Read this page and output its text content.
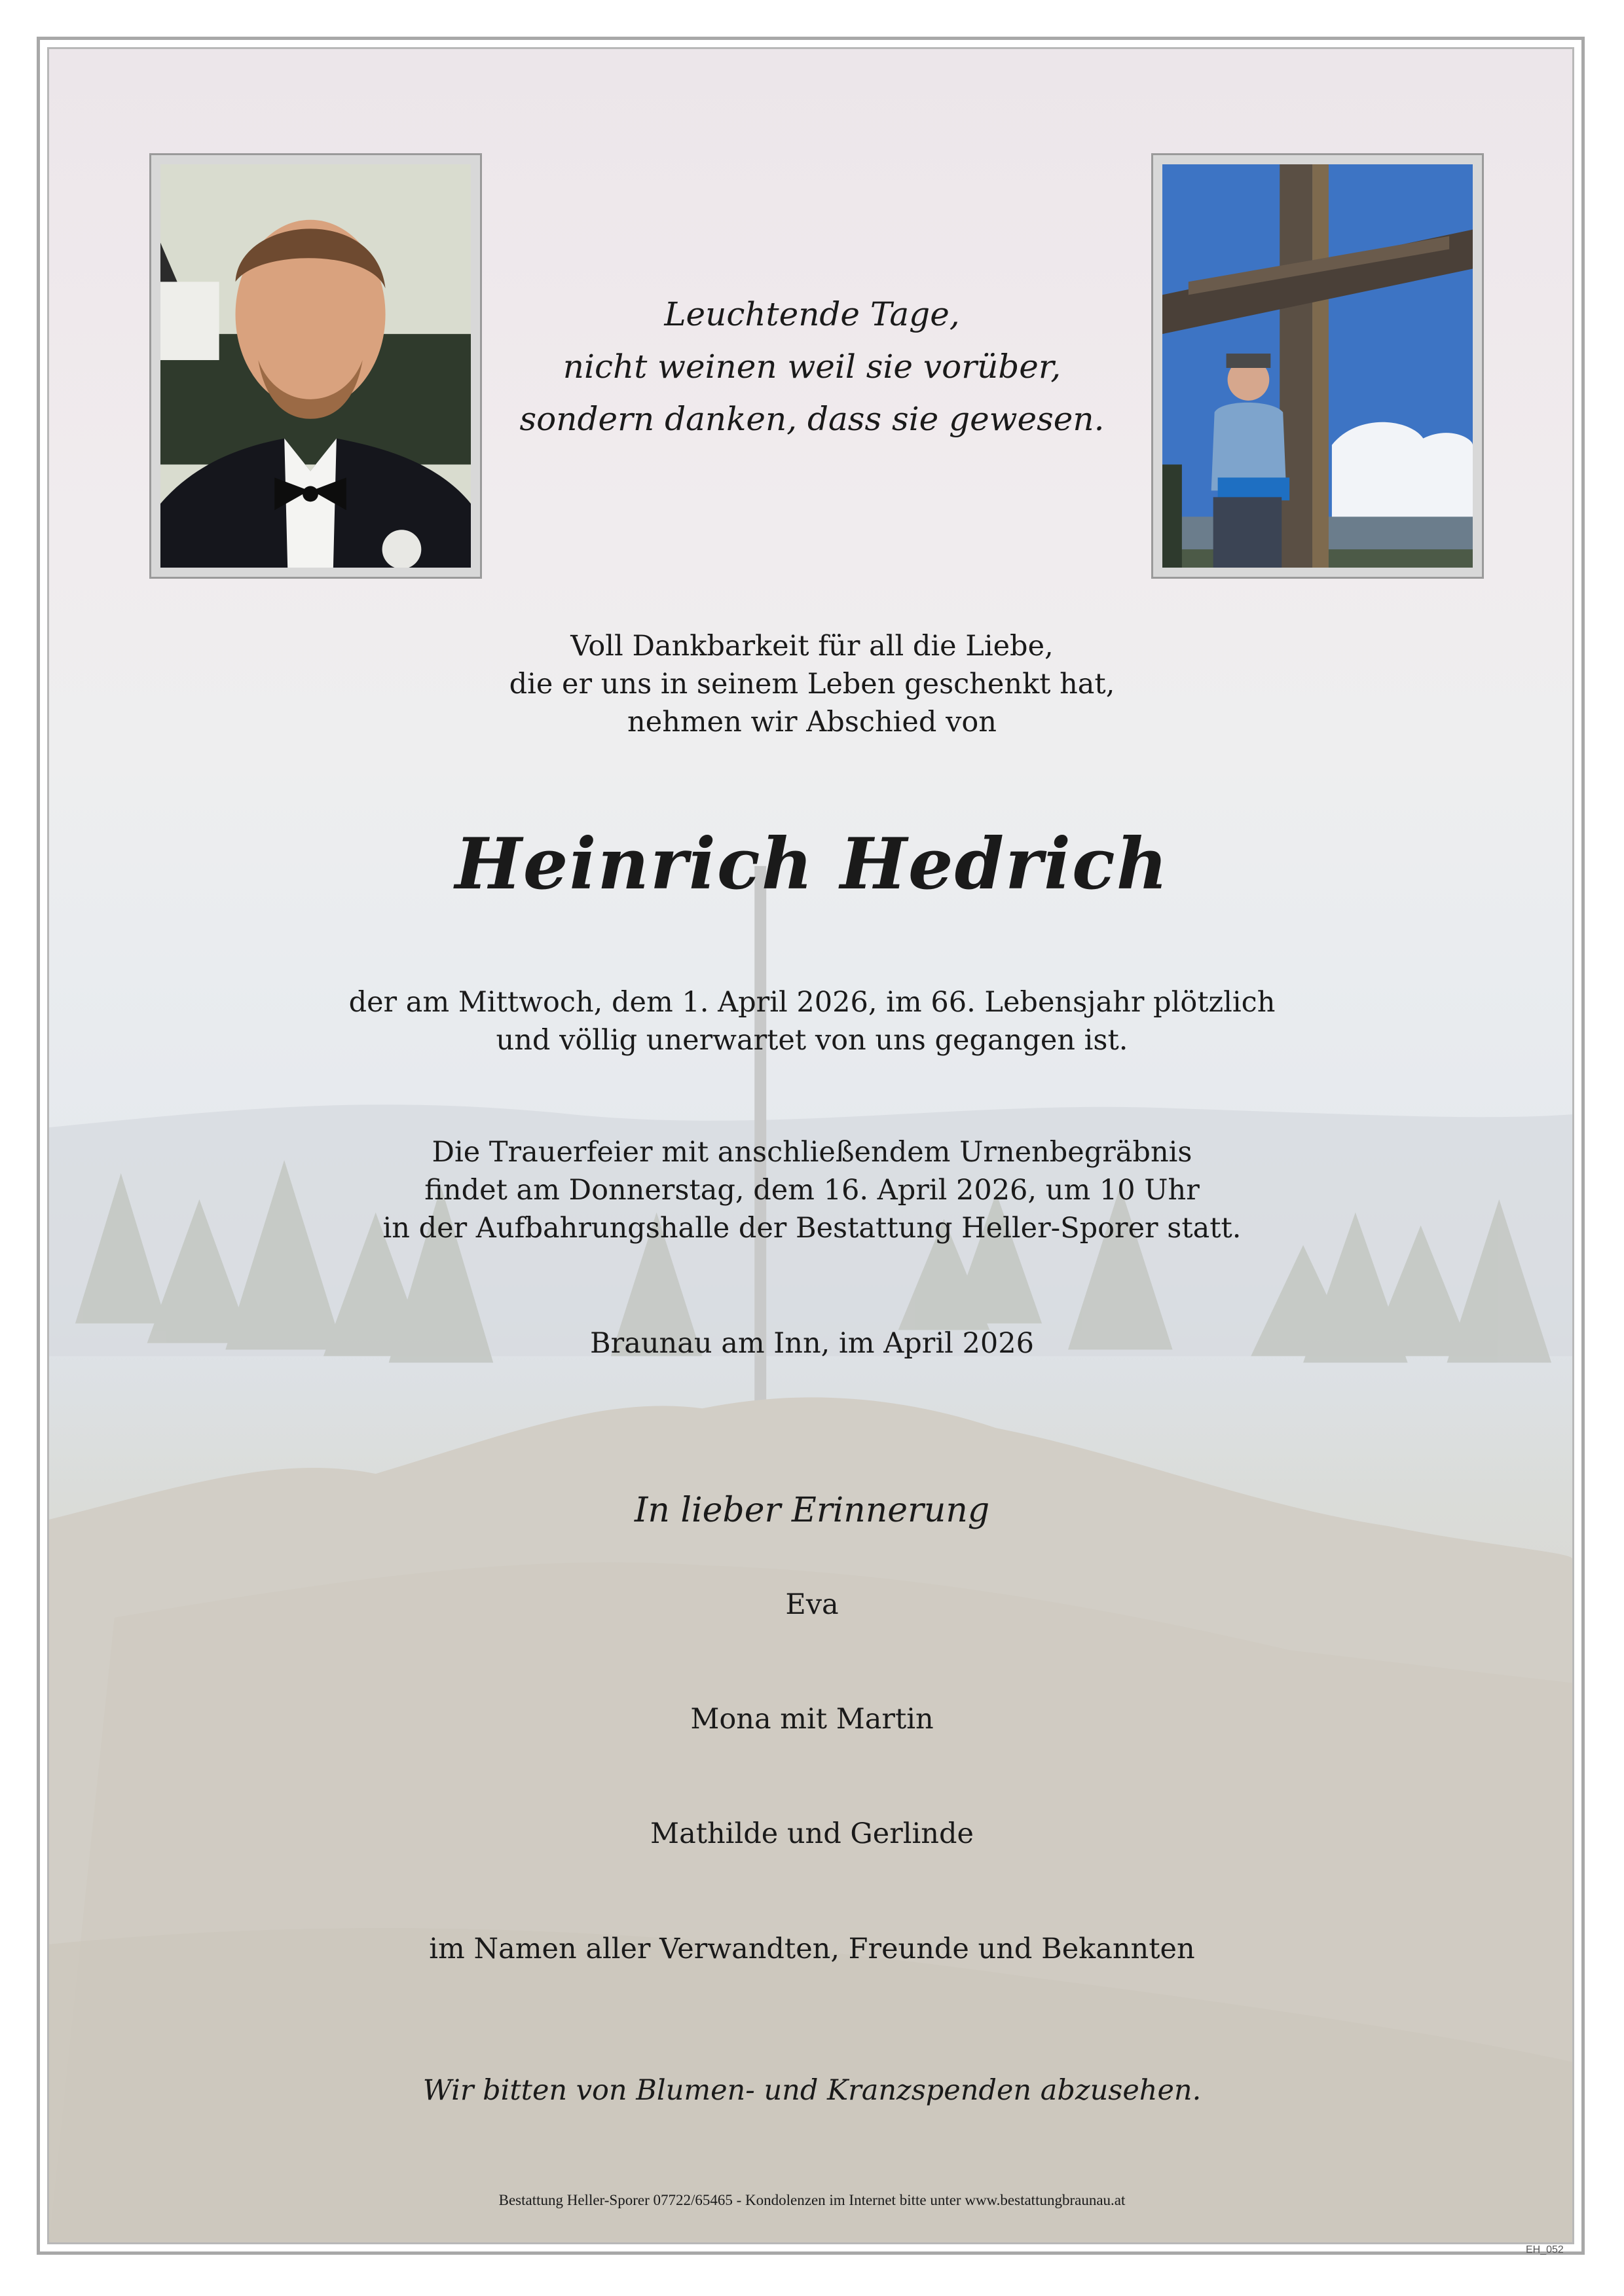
Leuchtende Tage,
nicht weinen weil sie vorüber,
sondern danken, dass sie gewesen.
Voll Dankbarkeit für all die Liebe,
die er uns in seinem Leben geschenkt hat,
nehmen wir Abschied von
Heinrich Hedrich
der am Mittwoch, dem 1. April 2026, im 66. Lebensjahr plötzlich
und völlig unerwartet von uns gegangen ist.
Die Trauerfeier mit anschließendem Urnenbegräbnis
findet am Donnerstag, dem 16. April 2026, um 10 Uhr
in der Aufbahrungshalle der Bestattung Heller-Sporer statt.
Braunau am Inn, im April 2026
In lieber Erinnerung
Eva
Mona mit Martin
Mathilde und Gerlinde
im Namen aller Verwandten, Freunde und Bekannten
Wir bitten von Blumen- und Kranzspenden abzusehen.
Bestattung Heller-Sporer 07722/65465 - Kondolenzen im Internet bitte unter www.bestattungbraunau.at
EH_052
